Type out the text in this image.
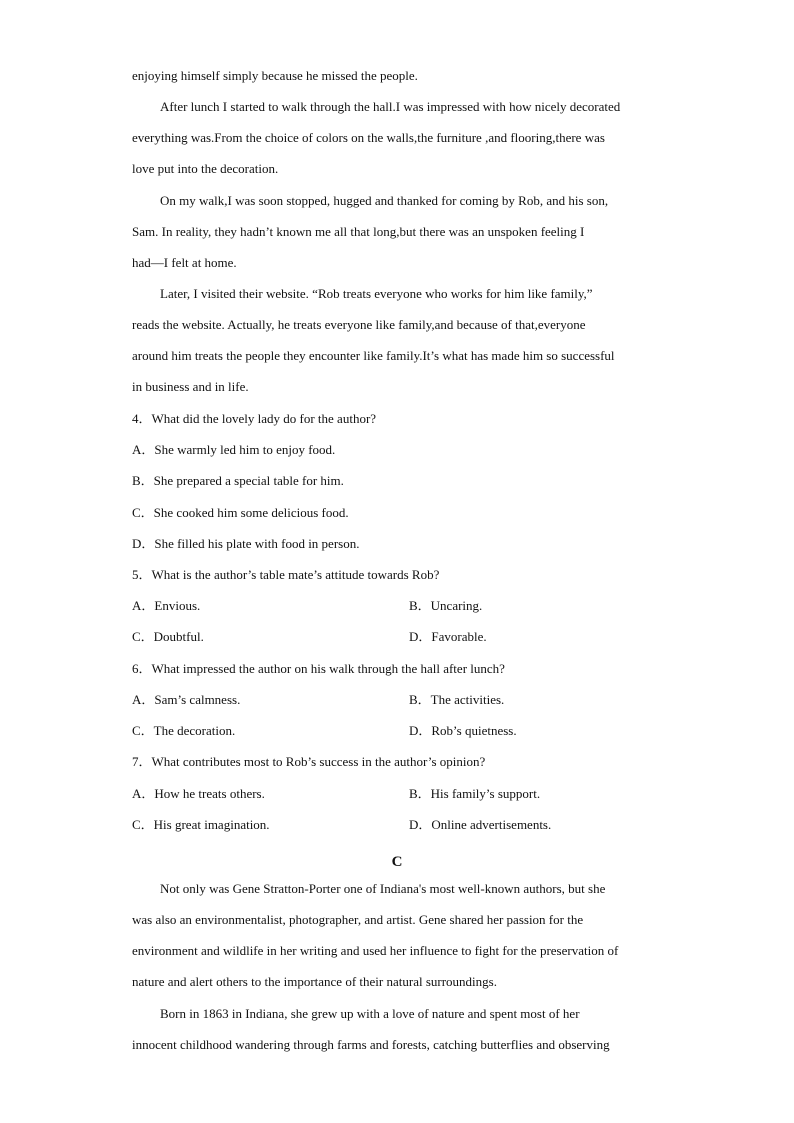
enjoying himself simply because he missed the people.
After lunch I started to walk through the hall.I was impressed with how nicely decorated
everything was.From the choice of colors on the walls,the furniture ,and flooring,there was
love put into the decoration.
On my walk,I was soon stopped, hugged and thanked for coming by Rob, and his son,
Sam. In reality, they hadn’t known me all that long,but there was an unspoken feeling I
had—I felt at home.
Later, I visited their website. “Rob treats everyone who works for him like family,”
reads the website. Actually, he treats everyone like family,and because of that,everyone
around him treats the people they encounter like family.It’s what has made him so successful
in business and in life.
4．What did the lovely lady do for the author?
A．She warmly led him to enjoy food.
B．She prepared a special table for him.
C．She cooked him some delicious food.
D．She filled his plate with food in person.
5．What is the author’s table mate’s attitude towards Rob?
A．Envious.	B．Uncaring.
C．Doubtful.	D．Favorable.
6．What impressed the author on his walk through the hall after lunch?
A．Sam’s calmness.	B．The activities.
C．The decoration.	D．Rob’s quietness.
7．What contributes most to Rob’s success in the author’s opinion?
A．How he treats others.	B．His family’s support.
C．His great imagination.	D．Online advertisements.
C
Not only was Gene Stratton-Porter one of Indiana's most well-known authors, but she
was also an environmentalist, photographer, and artist. Gene shared her passion for the
environment and wildlife in her writing and used her influence to fight for the preservation of
nature and alert others to the importance of their natural surroundings.
Born in 1863 in Indiana, she grew up with a love of nature and spent most of her
innocent childhood wandering through farms and forests, catching butterflies and observing
